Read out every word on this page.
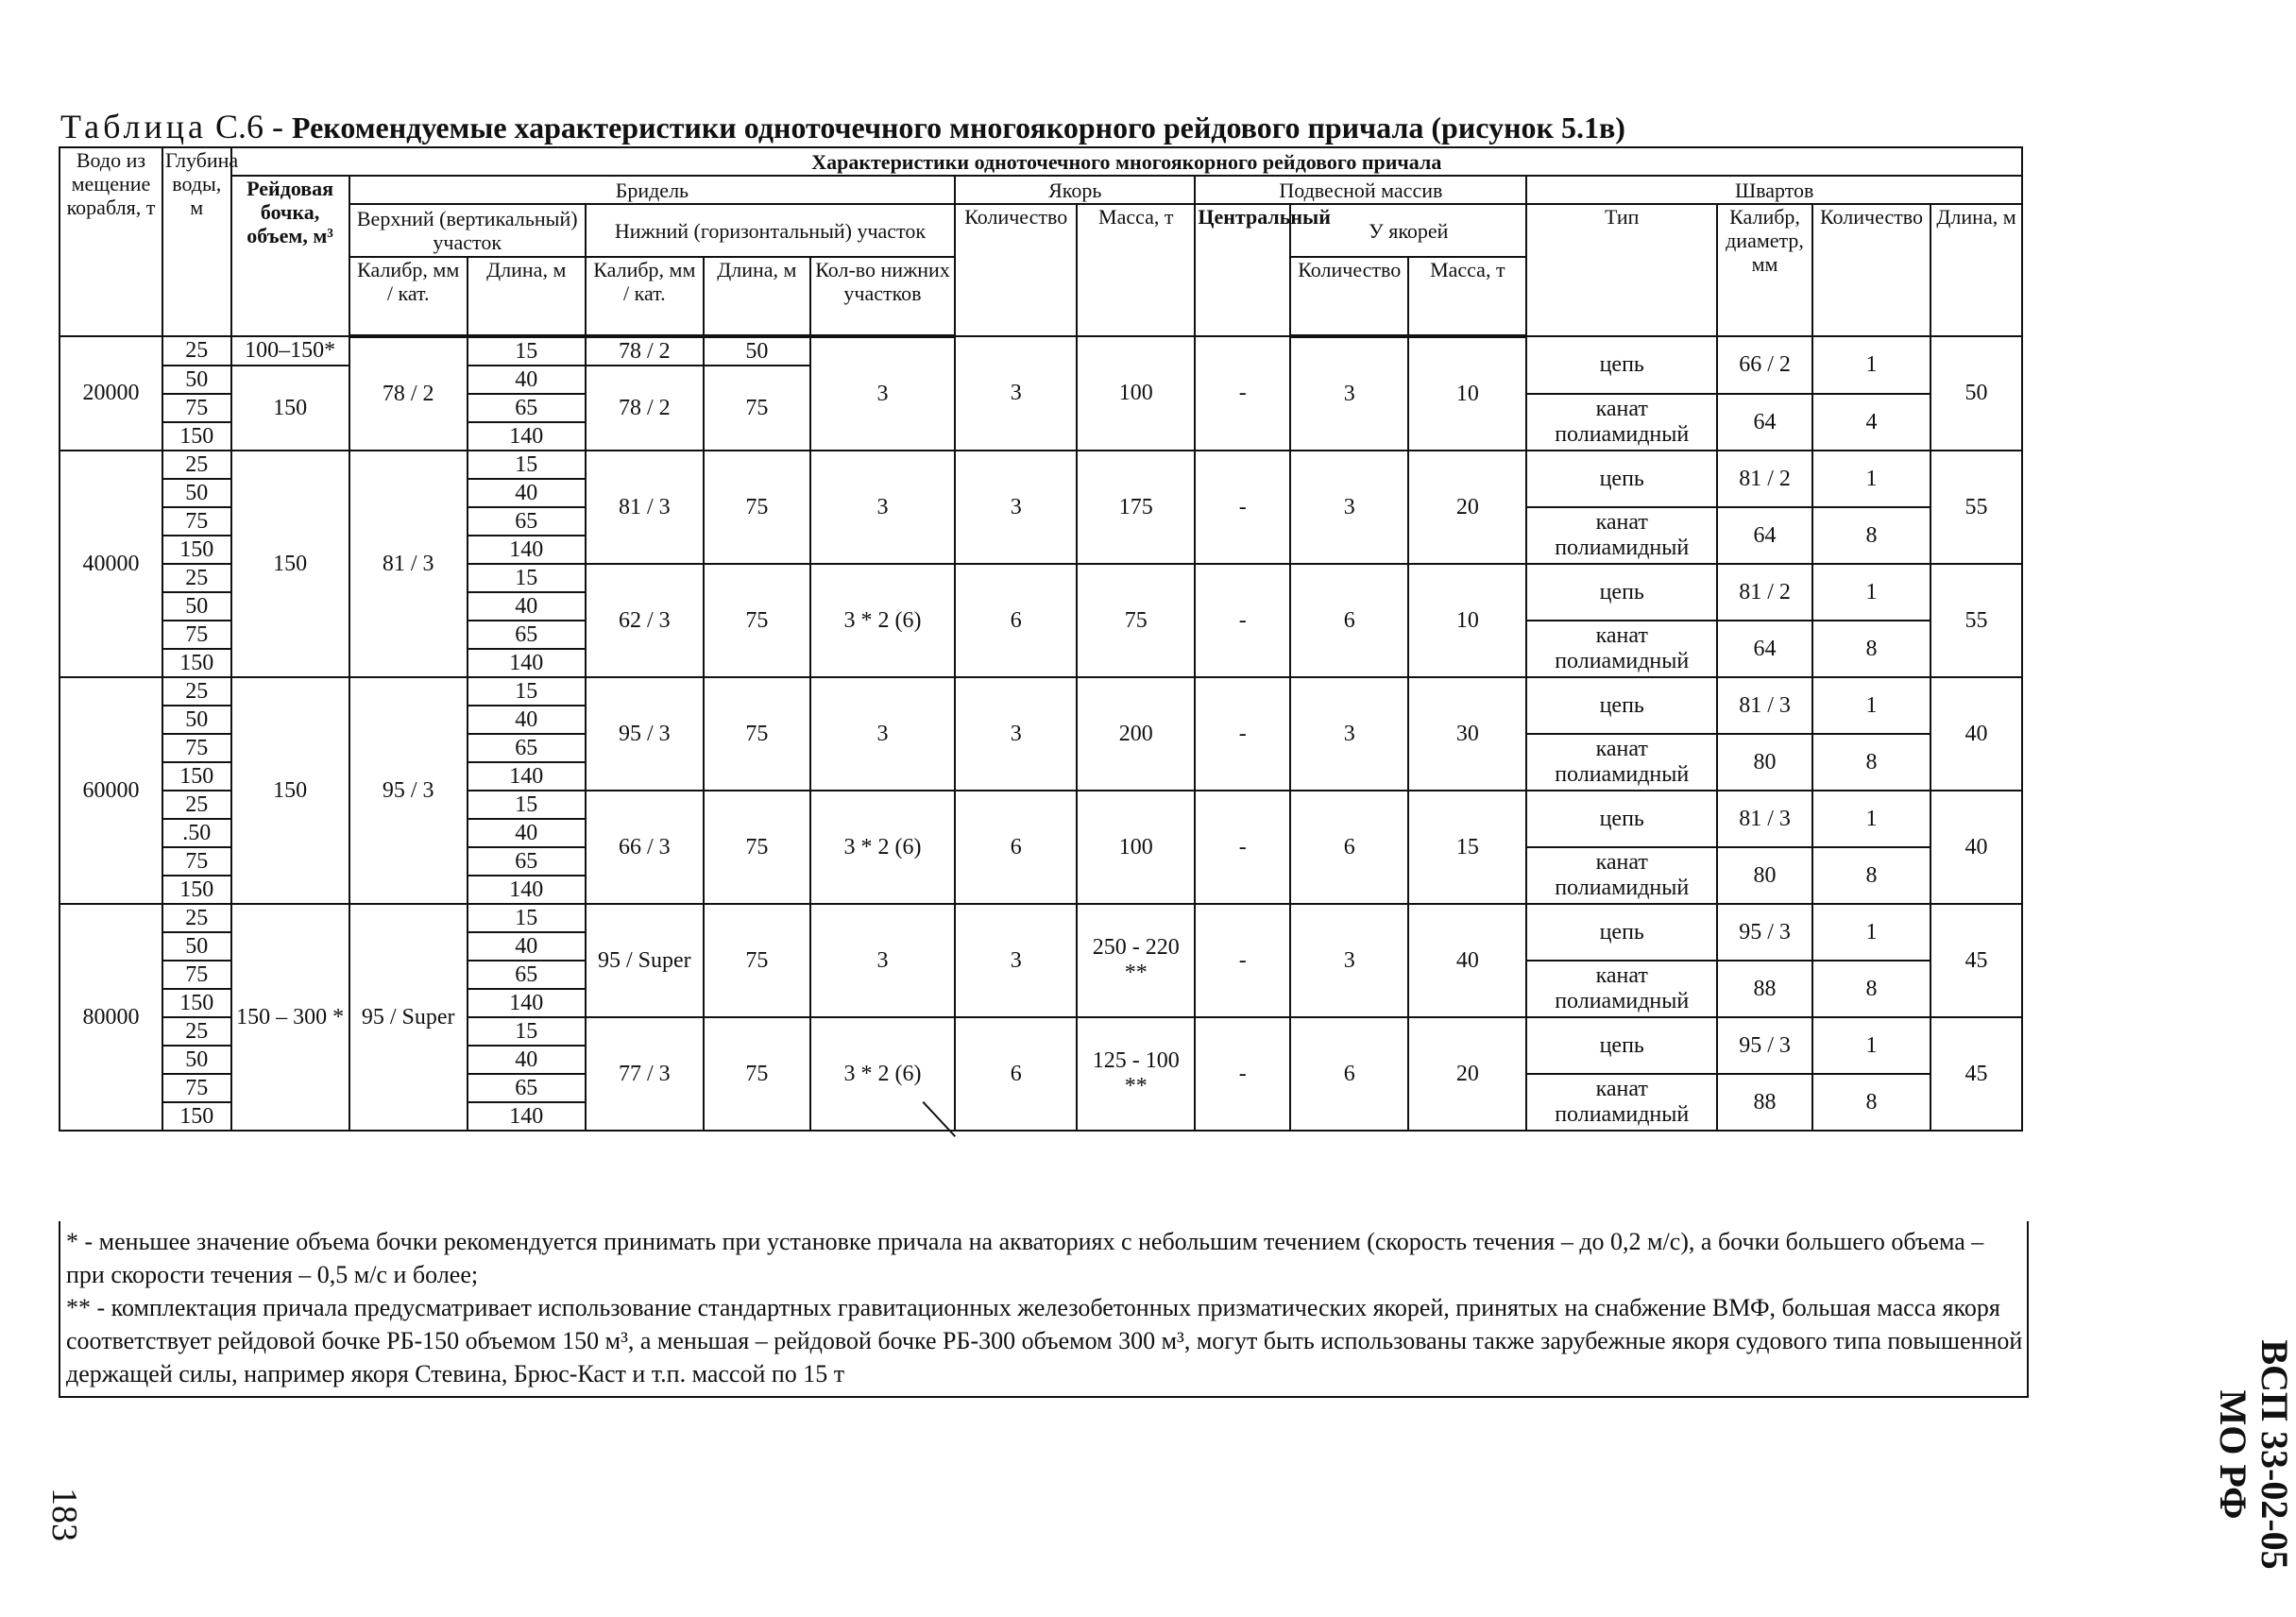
Таблица С.6 - Рекомендуемые характеристики одноточечного многоякорного рейдового причала (рисунок 5.1в)
Водо из мещение корабля, т	Глубина воды, м	Характеристики одноточечного многоякорного рейдового причала														
		Рейдовая бочка, объем, м³	Бридель					Якорь		Подвесной массив			Швартов			
			Верхний (вертикальный) участок		Нижний (горизонтальный) участок			Количество	Масса, т	Центральный	У якорей		Тип	Калибр, диаметр, мм	Количество	Длина, м
			Калибр, мм / кат.	Длина, м	Калибр, мм / кат.	Длина, м	Кол-во нижних участков				Количество	Масса, т				
20000	25	100–150*	78 / 2	15	78 / 2	50	3	3	100	-	3	10	цепь	66 / 2	1	50
	50	150		40	78 / 2	75										
	75			65									канат полиамидный	64	4	
	150			140												
40000	25	150	81 / 3	15	81 / 3	75	3	3	175	-	3	20	цепь	81 / 2	1	55
	50			40												
	75			65									канат полиамидный	64	8	
	150			140												
	25			15	62 / 3	75	3 * 2 (6)	6	75	-	6	10	цепь	81 / 2	1	55
	50			40												
	75			65									канат полиамидный	64	8	
	150			140												
60000	25	150	95 / 3	15	95 / 3	75	3	3	200	-	3	30	цепь	81 / 3	1	40
	50			40												
	75			65									канат полиамидный	80	8	
	150			140												
	25			15	66 / 3	75	3 * 2 (6)	6	100	-	6	15	цепь	81 / 3	1	40
	.50			40												
	75			65									канат полиамидный	80	8	
	150			140												
80000	25	150 – 300 *	95 / Super	15	95 / Super	75	3	3	250 - 220 **	-	3	40	цепь	95 / 3	1	45
	50			40												
	75			65									канат полиамидный	88	8	
	150			140												
	25			15	77 / 3	75	3 * 2 (6)	6	125 - 100 **	-	6	20	цепь	95 / 3	1	45
	50			40												
	75			65									канат полиамидный	88	8	
	150			140												

* - меньшее значение объема бочки рекомендуется принимать при установке причала на акваториях с небольшим течением (скорость течения – до 0,2 м/с), а бочки большего объема – при скорости течения – 0,5 м/с и более;

** - комплектация причала предусматривает использование стандартных гравитационных железобетонных призматических якорей, принятых на снабжение ВМФ, большая масса якоря соответствует рейдовой бочке РБ-150 объемом 150 м³, а меньшая – рейдовой бочке РБ-300 объемом 300 м³, могут быть использованы также зарубежные якоря судового типа повышенной держащей силы, например якоря Стевина, Брюс-Каст и т.п. массой по 15 т	ВСП 33-02-05
МО РФ
183
